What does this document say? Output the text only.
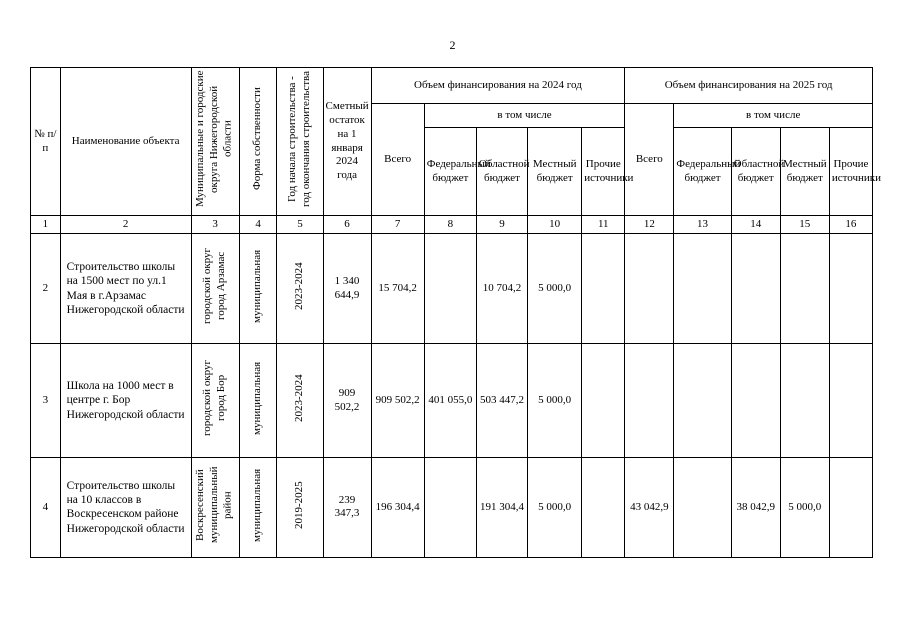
2
№ п/п	Наименование объекта	Муниципальные и городские округа Нижегородской области	Форма собственности	Год начала строительства - год окончания строительства	Сметный остаток на 1 января 2024 года	Объем финансирования на 2024 год					Объем финансирования на 2025 год				
						Всего	в том числе				Всего	в том числе			
							Федеральный бюджет	Областной бюджет	Местный бюджет	Прочие источники		Федеральный бюджет	Областной бюджет	Местный бюджет	Прочие источники
1	2	3	4	5	6	7	8	9	10	11	12	13	14	15	16
2	Строительство школы на 1500 мест по ул.1 Мая в г.Арзамас Нижегородской области	городской округ город Арзамас	муниципальная	2023-2024	1 340 644,9	15 704,2		10 704,2	5 000,0						
3	Школа на 1000 мест в центре г. Бор Нижегородской области	городской округ город Бор	муниципальная	2023-2024	909 502,2	909 502,2	401 055,0	503 447,2	5 000,0						
4	Строительство школы на 10 классов в Воскресенском районе Нижегородской области	Воскресенский муниципальный район	муниципальная	2019-2025	239 347,3	196 304,4		191 304,4	5 000,0		43 042,9		38 042,9	5 000,0	
